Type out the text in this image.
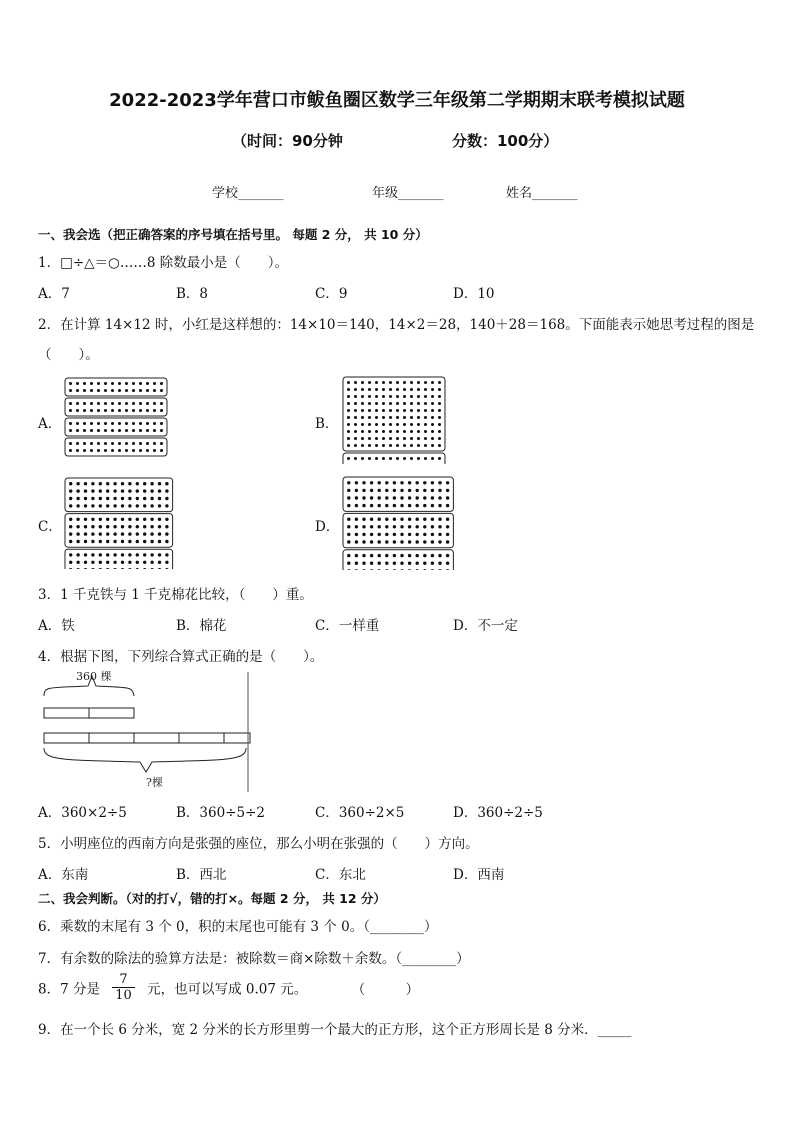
2022-2023学年营口市鲅鱼圈区数学三年级第二学期期末联考模拟试题
（时间：90分钟	分数：100分）
学校_______	年级_______	姓名_______
一、我会选（把正确答案的序号填在括号里。 每题 2 分， 共 10 分）
1．□÷△＝○……8 除数最小是（　　）。
A．7	B．8	C．9	D．10
2．在计算 14×12 时，小红是这样想的：14×10＝140，14×2＝28，140＋28＝168。下面能表示她思考过程的图是
（　　）。
A．	B．
C．	D．
3．1 千克铁与 1 千克棉花比较，（　　）重。
A．铁	B．棉花	C．一样重	D．不一定
4．根据下图，下列综合算式正确的是（　　）。
360 棵
?棵
A．360×2÷5	B．360÷5÷2	C．360÷2×5	D．360÷2÷5
5．小明座位的西南方向是张强的座位，那么小明在张强的（　　）方向。
A．东南	B．西北	C．东北	D．西南
二、我会判断。（对的打√，错的打×。每题 2 分， 共 12 分）
6．乘数的末尾有 3 个 0，积的末尾也可能有 3 个 0。（________）
7．有余数的除法的验算方法是：被除数＝商×除数＋余数。（________）
8．7 分是 $\frac{7}{10}$ 元，也可以写成 0.07 元。	（　　　）
9．在一个长 6 分米，宽 2 分米的长方形里剪一个最大的正方形，这个正方形周长是 8 分米．_____
